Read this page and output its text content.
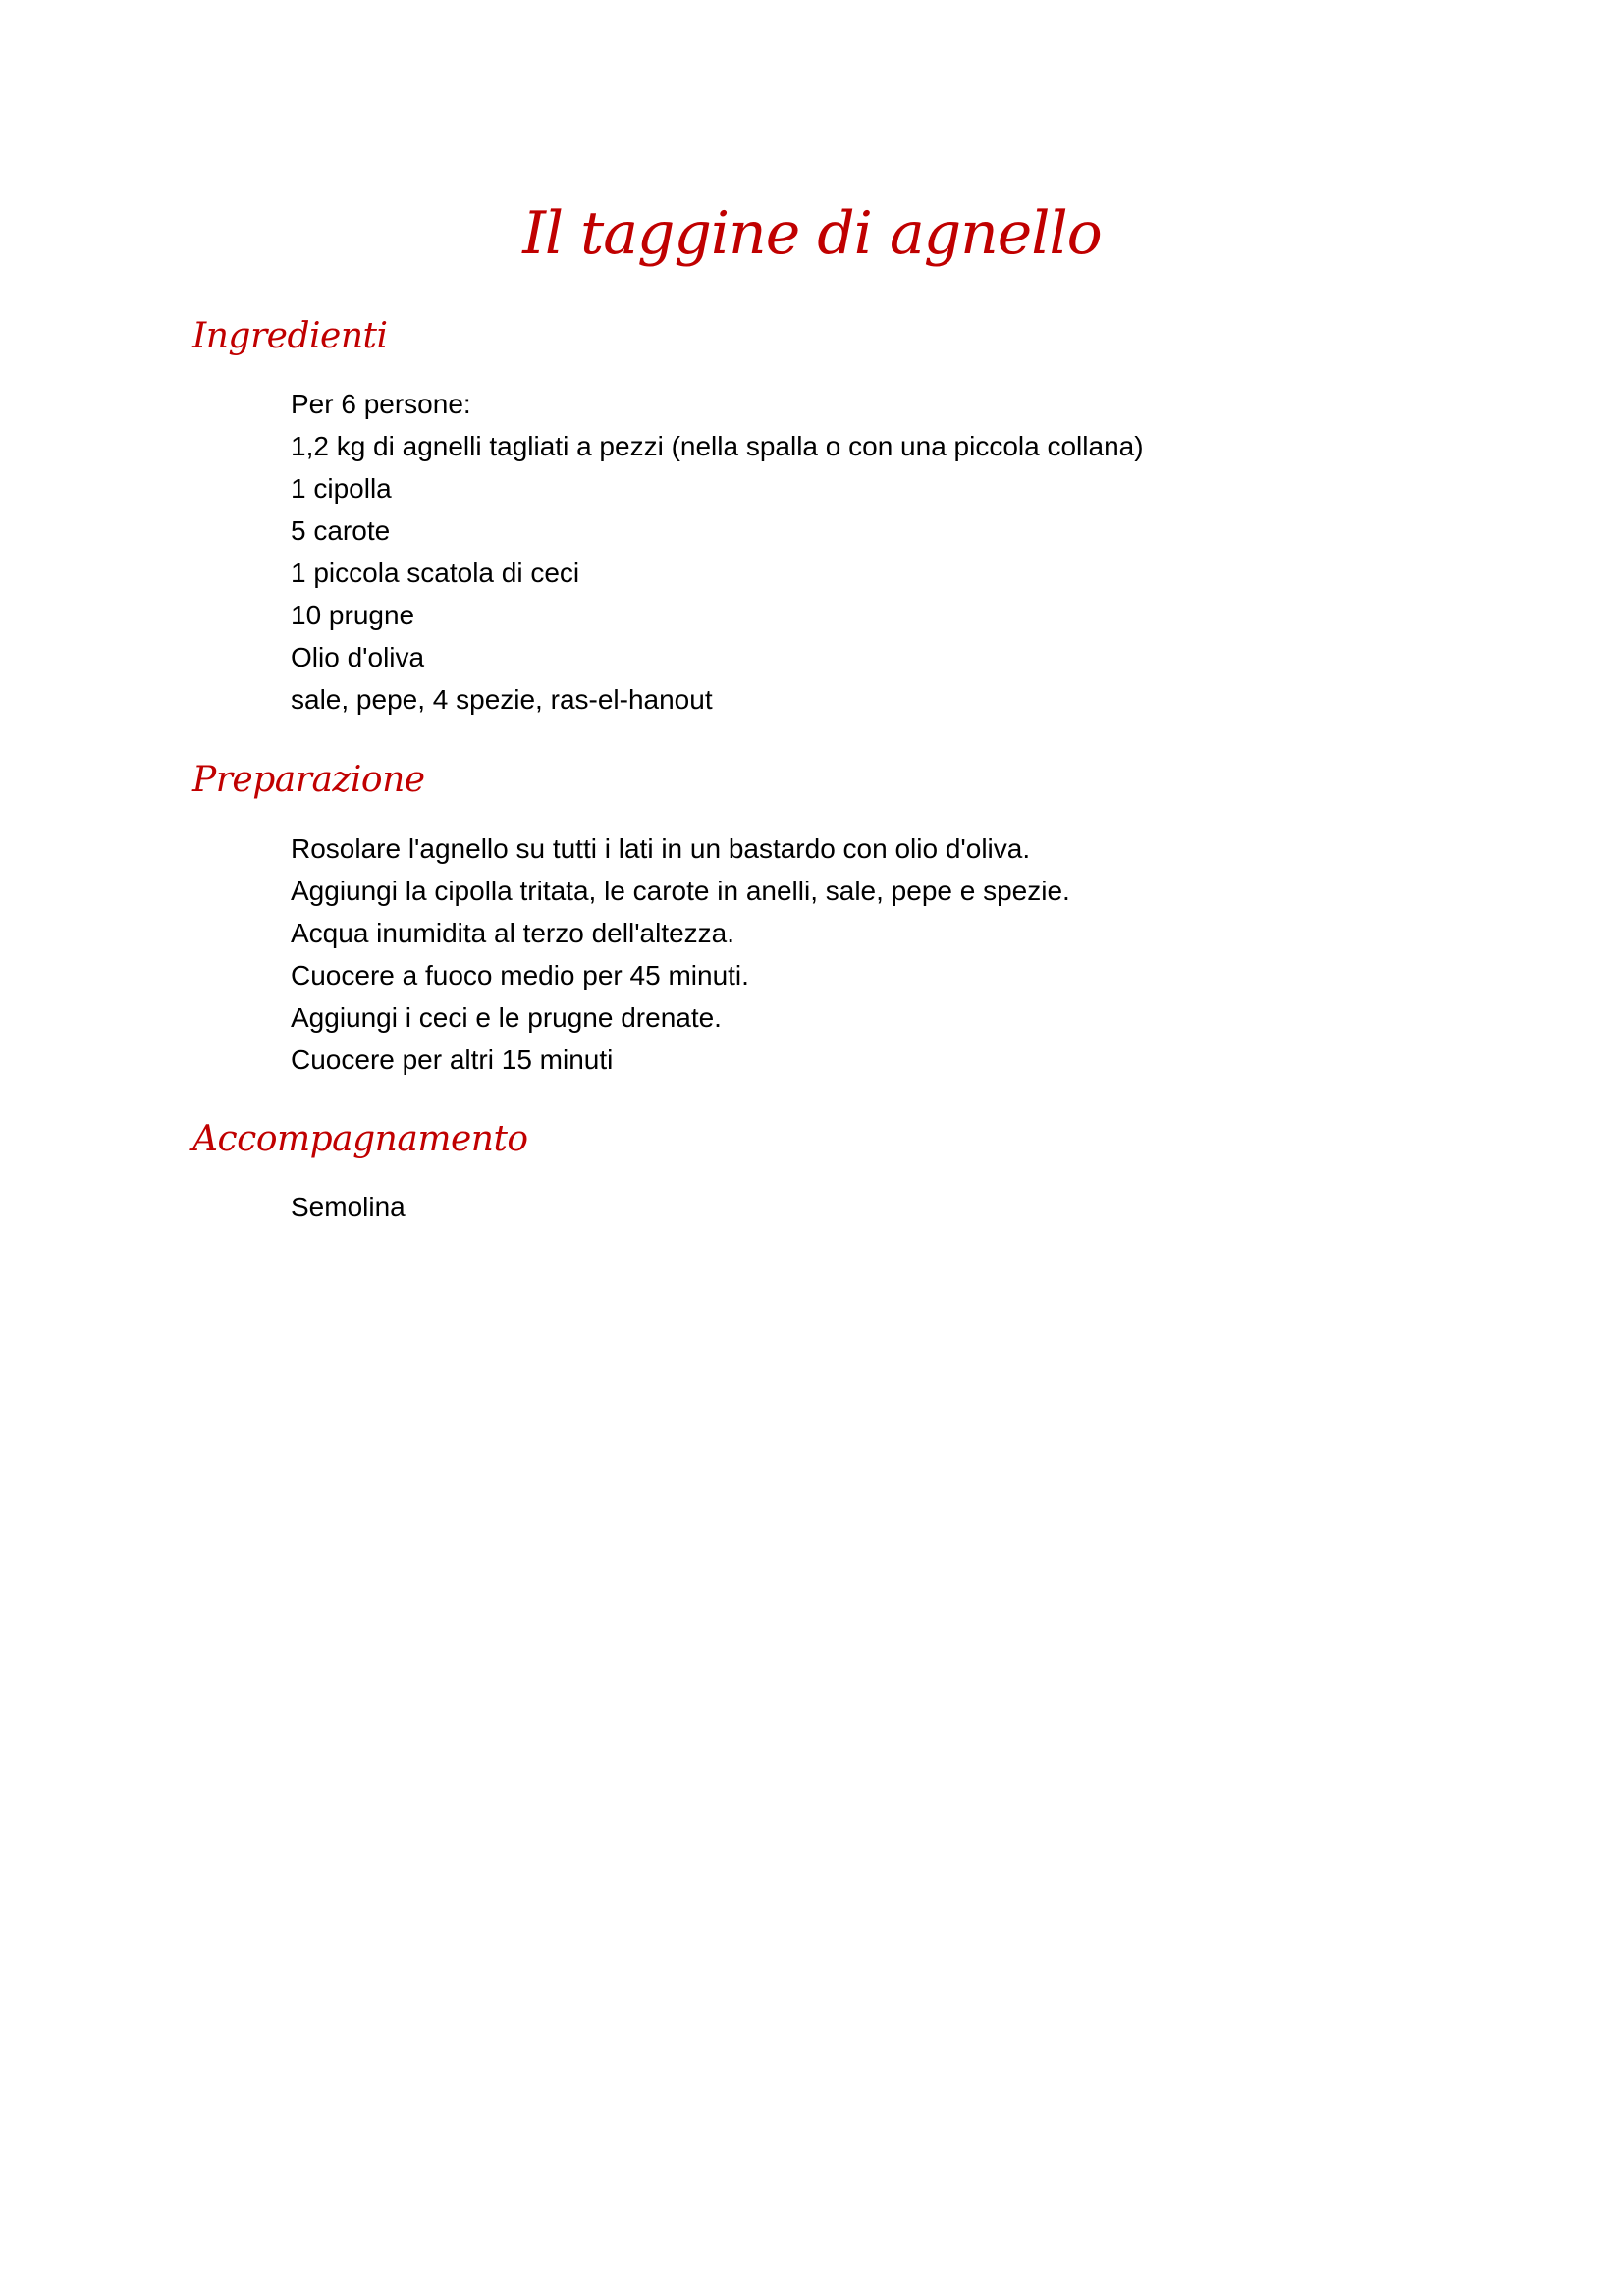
Il taggine di agnello
Ingredienti
Per 6 persone:
1,2 kg di agnelli tagliati a pezzi (nella spalla o con una piccola collana)
1 cipolla
5 carote
1 piccola scatola di ceci
10 prugne
Olio d'oliva
sale, pepe, 4 spezie, ras-el-hanout
Preparazione
Rosolare l'agnello su tutti i lati in un bastardo con olio d'oliva.
Aggiungi la cipolla tritata, le carote in anelli, sale, pepe e spezie.
Acqua inumidita al terzo dell'altezza.
Cuocere a fuoco medio per 45 minuti.
Aggiungi i ceci e le prugne drenate.
Cuocere per altri 15 minuti
Accompagnamento
Semolina
